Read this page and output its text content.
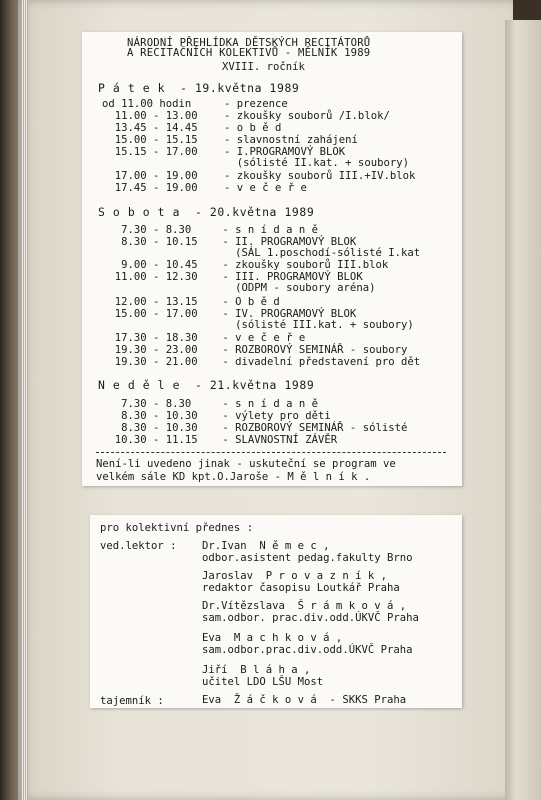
NÁRODNÍ PŘEHLÍDKA DĚTSKÝCH RECITÁTORŮ

A RECITAČNÍCH KOLEKTIVŮ - MĚLNÍK 1989

XVIII. ročník

P á t e k  - 19.května 1989

od 11.00 hodin

	- prezence

11.00 - 13.00

- zkoušky souborů /I.blok/

13.45 - 14.45

- o b ě d

15.00 - 15.15

- slavnostní zahájení

15.15 - 17.00

- I.PROGRAMOVÝ BLOK

(sólisté II.kat. + soubory)

17.00 - 19.00

- zkoušky souborů III.+IV.blok

17.45 - 19.00

- v e č e ř e

S o b o t a  - 20.května 1989

7.30 - 8.30

- s n í d a n ě

8.30 - 10.15

- II. PROGRAMOVÝ BLOK

(SÁL 1.poschodí-sólisté I.kat

9.00 - 10.45

- zkoušky souborů III.blok

11.00 - 12.30

- III. PROGRAMOVÝ BLOK

(ODPM - soubory aréna)

12.00 - 13.15

- O b ě d

15.00 - 17.00

- IV. PROGRAMOVÝ BLOK

(sólisté III.kat. + soubory)

17.30 - 18.30

- v e č e ř e

19.30 - 23.00

- ROZBOROVÝ SEMINÁŘ - soubory

19.30 - 21.00

- divadelní představení pro dět

N e d ě l e  - 21.května 1989

7.30 - 8.30

- s n í d a n ě

8.30 - 10.30

- výlety pro děti

8.30 - 10.30

- ROZBOROVÝ SEMINÁŘ - sólisté

10.30 - 11.15

- SLAVNOSTNÍ ZÁVĚR

Není-li uvedeno jinak - uskuteční se program ve

velkém sále KD kpt.O.Jaroše - M ě l n í k .

pro kolektivní přednes :

ved.lektor :

Dr.Ivan  N ě m e c ,

odbor.asistent pedag.fakulty Brno

Jaroslav  P r o v a z n í k ,

redaktor časopisu Loutkář Praha

Dr.Vítězslava  Š r á m k o v á ,

sam.odbor. prac.div.odd.ÚKVČ Praha

Eva  M a c h k o v á ,

sam.odbor.prac.div.odd.ÚKVČ Praha

Jiří  B l á h a ,

učitel LDO LŠU Most

tajemník :

	Eva  Ž á č k o v á  - SKKS Praha
